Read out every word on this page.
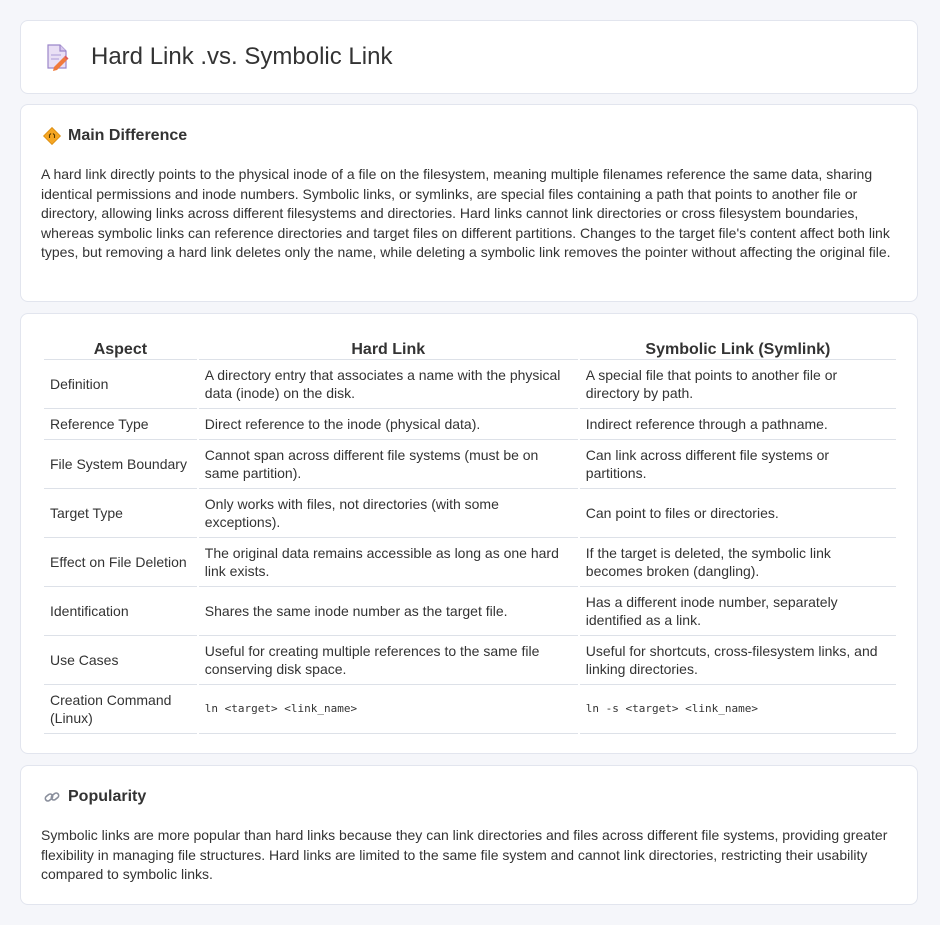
Hard Link .vs. Symbolic Link
Main Difference

A hard link directly points to the physical inode of a file on the filesystem, meaning multiple filenames reference the same data, sharing identical permissions and inode numbers. Symbolic links, or symlinks, are special files containing a path that points to another file or directory, allowing links across different filesystems and directories. Hard links cannot link directories or cross filesystem boundaries, whereas symbolic links can reference directories and target files on different partitions. Changes to the target file's content affect both link types, but removing a hard link deletes only the name, while deleting a symbolic link removes the pointer without affecting the original file.

Aspect	Hard Link	Symbolic Link (Symlink)
Definition	A directory entry that associates a name with the physical data (inode) on the disk.	A special file that points to another file or directory by path.
Reference Type	Direct reference to the inode (physical data).	Indirect reference through a pathname.
File System Boundary	Cannot span across different file systems (must be on same partition).	Can link across different file systems or partitions.
Target Type	Only works with files, not directories (with some exceptions).	Can point to files or directories.
Effect on File Deletion	The original data remains accessible as long as one hard link exists.	If the target is deleted, the symbolic link becomes broken (dangling).
Identification	Shares the same inode number as the target file.	Has a different inode number, separately identified as a link.
Use Cases	Useful for creating multiple references to the same file conserving disk space.	Useful for shortcuts, cross-filesystem links, and linking directories.
Creation Command (Linux)	ln <target> <link_name>	ln -s <target> <link_name>
Popularity

Symbolic links are more popular than hard links because they can link directories and files across different file systems, providing greater flexibility in managing file structures. Hard links are limited to the same file system and cannot link directories, restricting their usability compared to symbolic links.
